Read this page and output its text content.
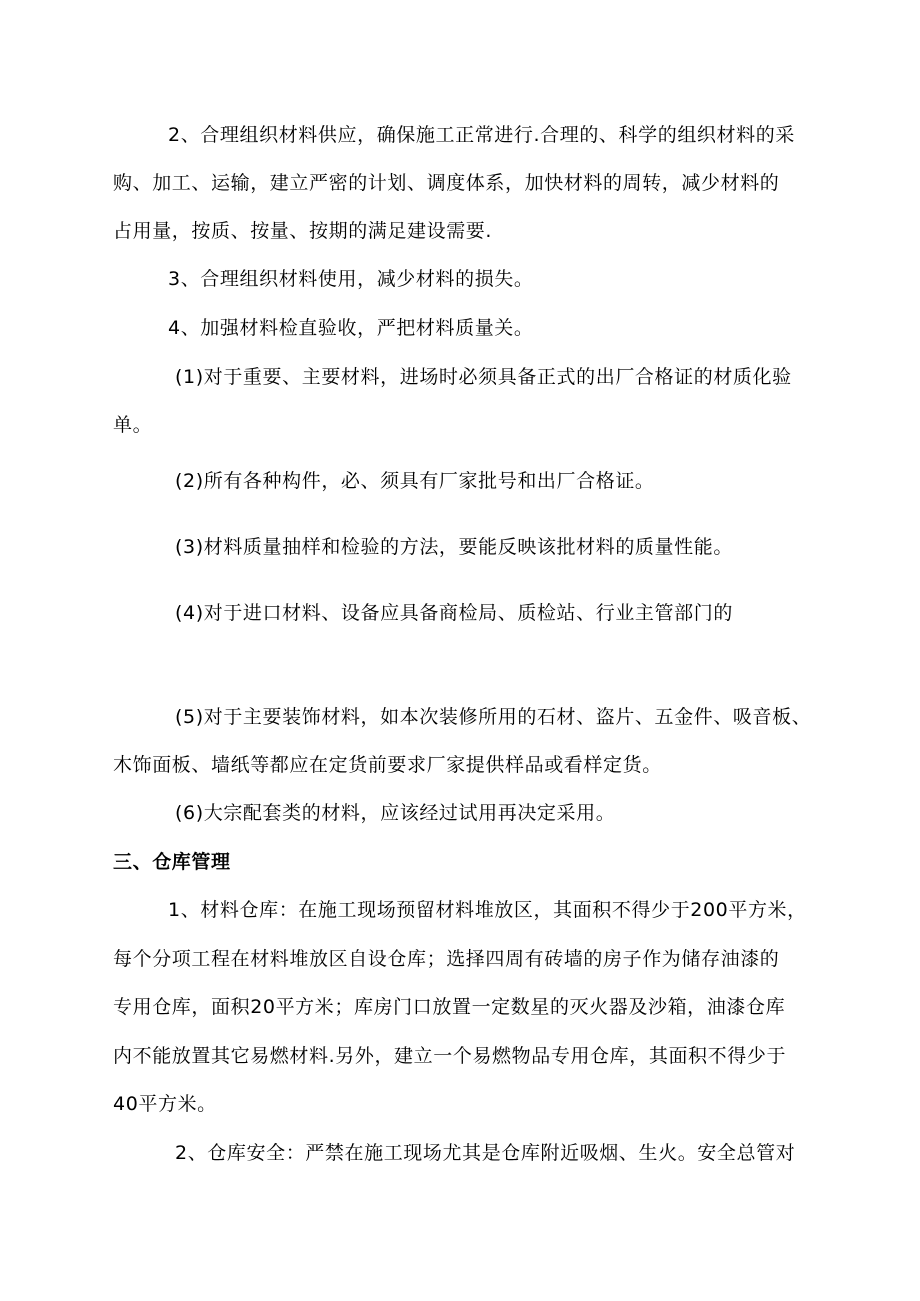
2、合理组织材料供应，确保施工正常进行.合理的、科学的组织材料的采
购、加工、运输，建立严密的计划、调度体系，加快材料的周转，减少材料的
占用量，按质、按量、按期的满足建设需要.
3、合理组织材料使用，减少材料的损失。
4、加强材料检直验收，严把材料质量关。
(1)对于重要、主要材料，进场时必须具备正式的出厂合格证的材质化验
单。
(2)所有各种构件，必、须具有厂家批号和出厂合格证。
(3)材料质量抽样和检验的方法，要能反映该批材料的质量性能。
(4)对于进口材料、设备应具备商检局、质检站、行业主管部门的
(5)对于主要装饰材料，如本次装修所用的石材、盗片、五金件、吸音板、
木饰面板、墙纸等都应在定货前要求厂家提供样品或看样定货。
(6)大宗配套类的材料，应该经过试用再决定采用。
三、仓库管理
1、材料仓库：在施工现场预留材料堆放区，其面积不得少于200平方米，
每个分项工程在材料堆放区自设仓库；选择四周有砖墙的房子作为储存油漆的
专用仓库，面积20平方米；库房门口放置一定数星的灭火器及沙箱，油漆仓库
内不能放置其它易燃材料.另外，建立一个易燃物品专用仓库，其面积不得少于
40平方米。
2、仓库安全：严禁在施工现场尤其是仓库附近吸烟、生火。安全总管对
